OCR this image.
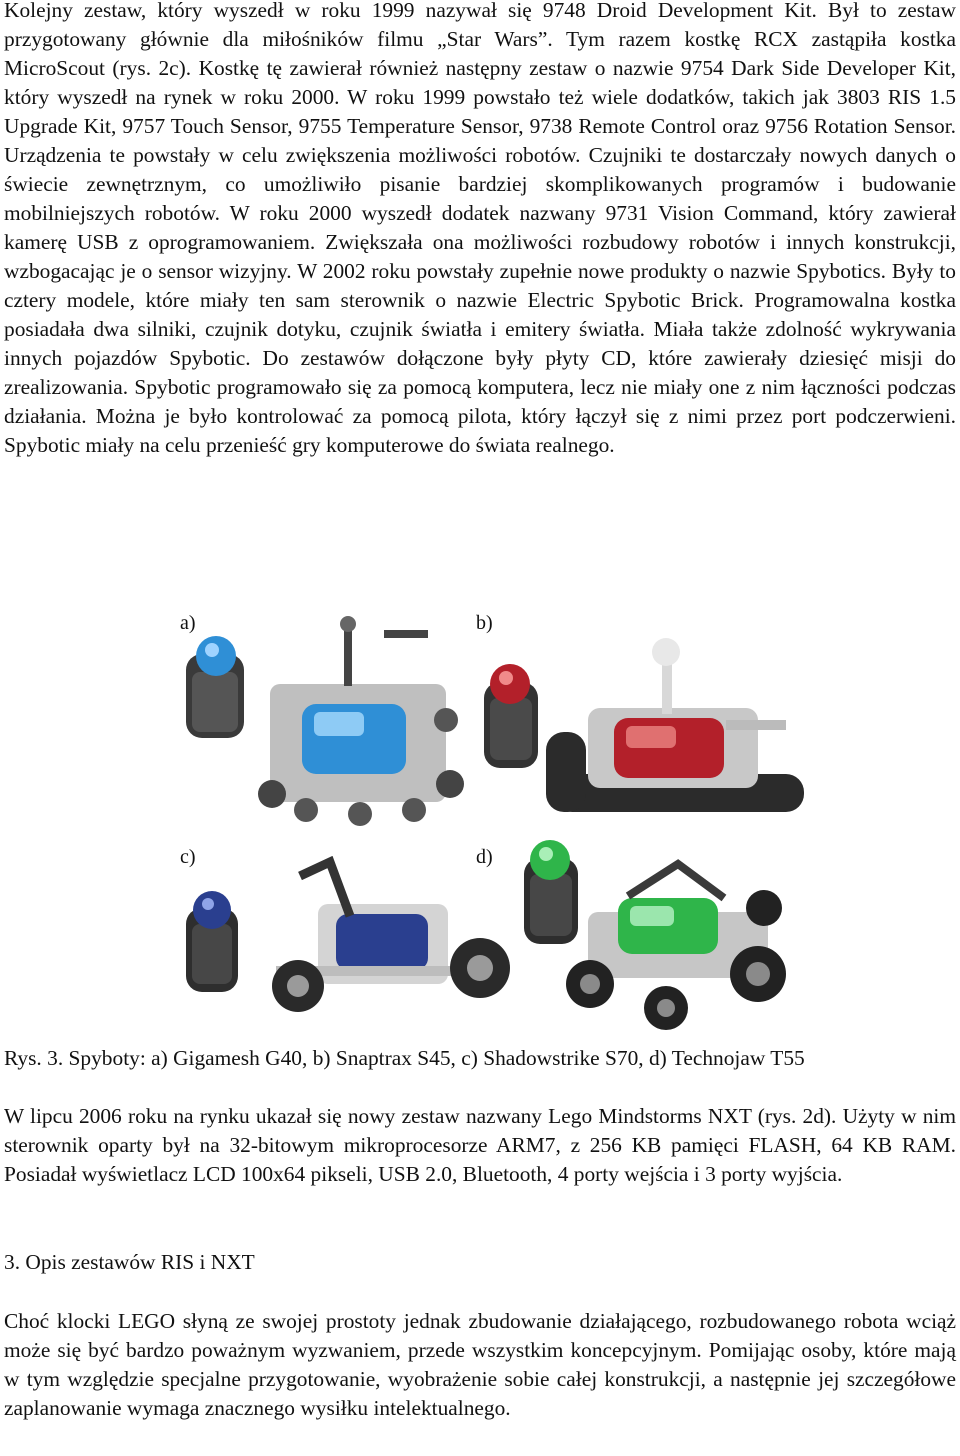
Kolejny zestaw, który wyszedł w roku 1999 nazywał się 9748 Droid Development Kit. Był to zestaw przygotowany głównie dla miłośników filmu „Star Wars”. Tym razem kostkę RCX zastąpiła kostka MicroScout (rys. 2c). Kostkę tę zawierał również następny zestaw o nazwie 9754 Dark Side Developer Kit, który wyszedł na rynek w roku 2000. W roku 1999 powstało też wiele dodatków, takich jak 3803 RIS 1.5 Upgrade Kit, 9757 Touch Sensor, 9755 Temperature Sensor, 9738 Remote Control oraz 9756 Rotation Sensor. Urządzenia te powstały w celu zwiększenia możliwości robotów. Czujniki te dostarczały nowych danych o świecie zewnętrznym, co umożliwiło pisanie bardziej skomplikowanych programów i budowanie mobilniejszych robotów. W roku 2000 wyszedł dodatek nazwany 9731 Vision Command, który zawierał kamerę USB z oprogramowaniem. Zwiększała ona możliwości rozbudowy robotów i innych konstrukcji, wzbogacając je o sensor wizyjny. W 2002 roku powstały zupełnie nowe produkty o nazwie Spybotics. Były to cztery modele, które miały ten sam sterownik o nazwie Electric Spybotic Brick. Programowalna kostka posiadała dwa silniki, czujnik dotyku, czujnik światła i emitery światła. Miała także zdolność wykrywania innych pojazdów Spybotic. Do zestawów dołączone były płyty CD, które zawierały dziesięć misji do zrealizowania. Spybotic programowało się za pomocą komputera, lecz nie miały one z nim łączności podczas działania. Można je było kontrolować za pomocą pilota, który łączył się z nimi przez port podczerwieni. Spybotic miały na celu przenieść gry komputerowe do świata realnego.

a)	b)
c)	d)
Rys. 3. Spyboty: a) Gigamesh G40, b) Snaptrax S45, c) Shadowstrike S70, d) Technojaw T55

W lipcu 2006 roku na rynku ukazał się nowy zestaw nazwany Lego Mindstorms NXT (rys. 2d). Użyty w nim sterownik oparty był na 32-bitowym mikroprocesorze ARM7, z 256 KB pamięci FLASH, 64 KB RAM. Posiadał wyświetlacz LCD 100x64 pikseli, USB 2.0, Bluetooth, 4 porty wejścia i 3 porty wyjścia.

3. Opis zestawów RIS i NXT

Choć klocki LEGO słyną ze swojej prostoty jednak zbudowanie działającego, rozbudowanego robota wciąż może się być bardzo poważnym wyzwaniem, przede wszystkim koncepcyjnym. Pomijając osoby, które mają w tym względzie specjalne przygotowanie, wyobrażenie sobie całej konstrukcji, a następnie jej szczegółowe zaplanowanie wymaga znacznego wysiłku intelektualnego.
